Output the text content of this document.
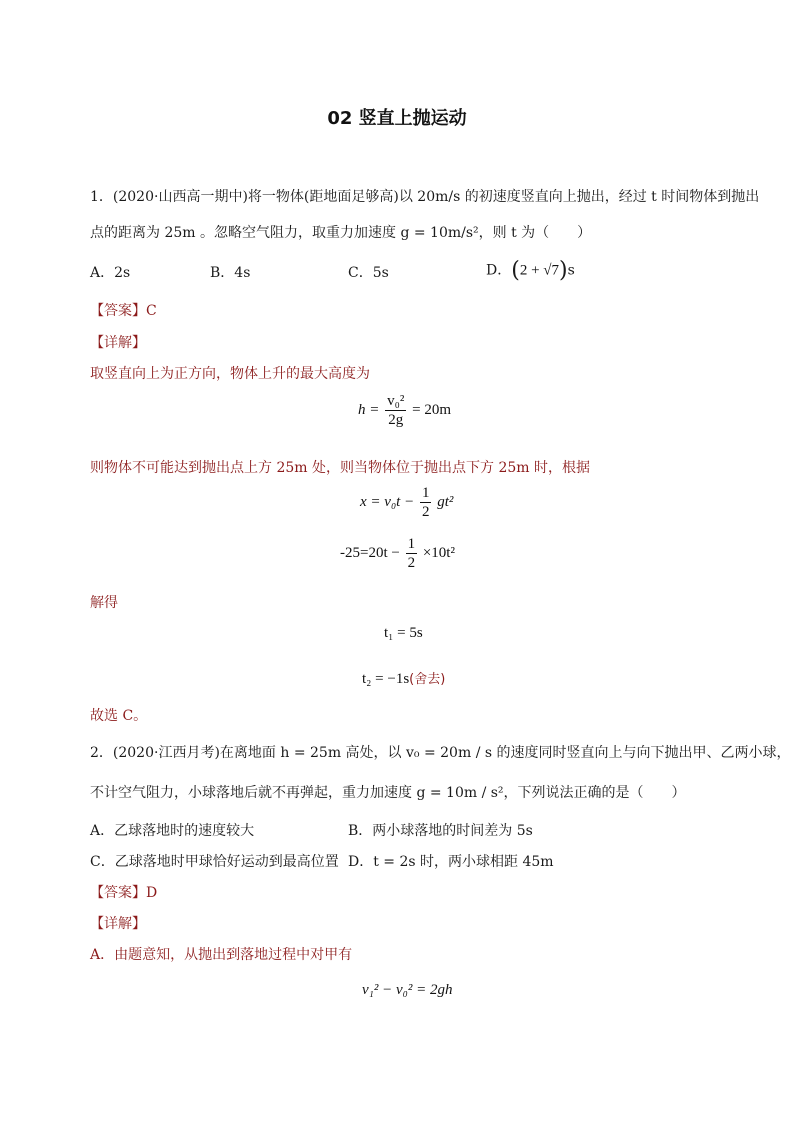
02 竖直上抛运动
1．(2020·山西高一期中)将一物体(距地面足够高)以 20m/s 的初速度竖直向上抛出，经过 t 时间物体到抛出
点的距离为 25m 。忽略空气阻力，取重力加速度 g = 10m/s²，则 t 为（　　）
A．2s	B．4s	C．5s	D．(2 + √7)s
【答案】C
【详解】
取竖直向上为正方向，物体上升的最大高度为
$h = \frac{\text{v₀²}}{2g} = 20m$
则物体不可能达到抛出点上方 25m 处，则当物体位于抛出点下方 25m 时，根据
$x = v_0t - \frac{1}{2} gt^2$
$-25=20t - \frac{1}{2} \times 10t^2$
解得
t₁ = 5s
t₂ = −1s(舍去)
故选 C。
2．(2020·江西月考)在离地面 h = 25m 高处，以 v₀ = 20m / s 的速度同时竖直向上与向下抛出甲、乙两小球，
不计空气阻力，小球落地后就不再弹起，重力加速度 g = 10m / s²，下列说法正确的是（　　）
A．乙球落地时的速度较大	B．两小球落地的时间差为 5s
C．乙球落地时甲球恰好运动到最高位置 D．t = 2s 时，两小球相距 45m
【答案】D
【详解】
A．由题意知，从抛出到落地过程中对甲有
v₁² − v₀² = 2gh
